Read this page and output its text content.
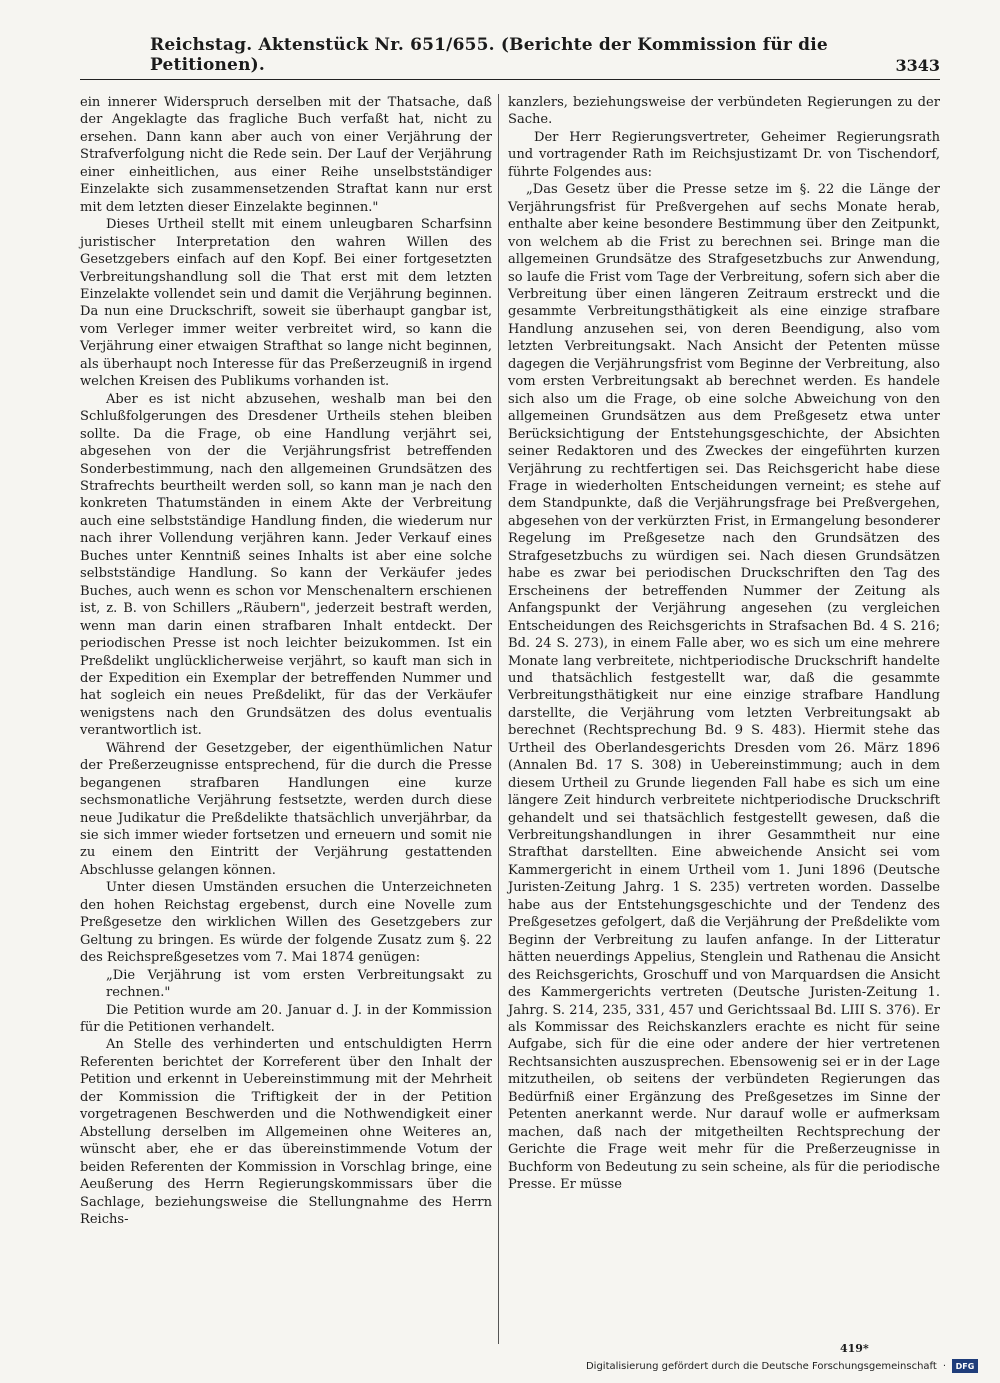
Reichstag. Aktenstück Nr. 651/655. (Berichte der Kommission für die Petitionen).	3343

ein innerer Widerspruch derselben mit der Thatsache, daß der Angeklagte das fragliche Buch verfaßt hat, nicht zu ersehen. Dann kann aber auch von einer Verjährung der Strafverfolgung nicht die Rede sein. Der Lauf der Verjährung einer einheitlichen, aus einer Reihe unselbstständiger Einzelakte sich zusammensetzenden Straftat kann nur erst mit dem letzten dieser Einzelakte beginnen."

Dieses Urtheil stellt mit einem unleugbaren Scharfsinn juristischer Interpretation den wahren Willen des Gesetzgebers einfach auf den Kopf. Bei einer fortgesetzten Verbreitungshandlung soll die That erst mit dem letzten Einzelakte vollendet sein und damit die Verjährung beginnen. Da nun eine Druckschrift, soweit sie überhaupt gangbar ist, vom Verleger immer weiter verbreitet wird, so kann die Verjährung einer etwaigen Strafthat so lange nicht beginnen, als überhaupt noch Interesse für das Preßerzeugniß in irgend welchen Kreisen des Publikums vorhanden ist.

Aber es ist nicht abzusehen, weshalb man bei den Schlußfolgerungen des Dresdener Urtheils stehen bleiben sollte. Da die Frage, ob eine Handlung verjährt sei, abgesehen von der die Verjährungsfrist betreffenden Sonderbestimmung, nach den allgemeinen Grundsätzen des Strafrechts beurtheilt werden soll, so kann man je nach den konkreten Thatumständen in einem Akte der Verbreitung auch eine selbstständige Handlung finden, die wiederum nur nach ihrer Vollendung verjähren kann. Jeder Verkauf eines Buches unter Kenntniß seines Inhalts ist aber eine solche selbstständige Handlung. So kann der Verkäufer jedes Buches, auch wenn es schon vor Menschenaltern erschienen ist, z. B. von Schillers „Räubern", jederzeit bestraft werden, wenn man darin einen strafbaren Inhalt entdeckt. Der periodischen Presse ist noch leichter beizukommen. Ist ein Preßdelikt unglücklicherweise verjährt, so kauft man sich in der Expedition ein Exemplar der betreffenden Nummer und hat sogleich ein neues Preßdelikt, für das der Verkäufer wenigstens nach den Grundsätzen des dolus eventualis verantwortlich ist.

Während der Gesetzgeber, der eigenthümlichen Natur der Preßerzeugnisse entsprechend, für die durch die Presse begangenen strafbaren Handlungen eine kurze sechsmonatliche Verjährung festsetzte, werden durch diese neue Judikatur die Preßdelikte thatsächlich unverjährbar, da sie sich immer wieder fortsetzen und erneuern und somit nie zu einem den Eintritt der Verjährung gestattenden Abschlusse gelangen können.

Unter diesen Umständen ersuchen die Unterzeichneten den hohen Reichstag ergebenst, durch eine Novelle zum Preßgesetze den wirklichen Willen des Gesetzgebers zur Geltung zu bringen. Es würde der folgende Zusatz zum §. 22 des Reichspreßgesetzes vom 7. Mai 1874 genügen:

„Die Verjährung ist vom ersten Verbreitungsakt zu rechnen."

Die Petition wurde am 20. Januar d. J. in der Kommission für die Petitionen verhandelt.

An Stelle des verhinderten und entschuldigten Herrn Referenten berichtet der Korreferent über den Inhalt der Petition und erkennt in Uebereinstimmung mit der Mehrheit der Kommission die Triftigkeit der in der Petition vorgetragenen Beschwerden und die Nothwendigkeit einer Abstellung derselben im Allgemeinen ohne Weiteres an, wünscht aber, ehe er das übereinstimmende Votum der beiden Referenten der Kommission in Vorschlag bringe, eine Aeußerung des Herrn Regierungskommissars über die Sachlage, beziehungsweise die Stellungnahme des Herrn Reichs-

kanzlers, beziehungsweise der verbündeten Regierungen zu der Sache.

Der Herr Regierungsvertreter, Geheimer Regierungsrath und vortragender Rath im Reichsjustizamt Dr. von Tischendorf, führte Folgendes aus:

„Das Gesetz über die Presse setze im §. 22 die Länge der Verjährungsfrist für Preßvergehen auf sechs Monate herab, enthalte aber keine besondere Bestimmung über den Zeitpunkt, von welchem ab die Frist zu berechnen sei. Bringe man die allgemeinen Grundsätze des Strafgesetzbuchs zur Anwendung, so laufe die Frist vom Tage der Verbreitung, sofern sich aber die Verbreitung über einen längeren Zeitraum erstreckt und die gesammte Verbreitungsthätigkeit als eine einzige strafbare Handlung anzusehen sei, von deren Beendigung, also vom letzten Verbreitungsakt. Nach Ansicht der Petenten müsse dagegen die Verjährungsfrist vom Beginne der Verbreitung, also vom ersten Verbreitungsakt ab berechnet werden. Es handele sich also um die Frage, ob eine solche Abweichung von den allgemeinen Grundsätzen aus dem Preßgesetz etwa unter Berücksichtigung der Entstehungsgeschichte, der Absichten seiner Redaktoren und des Zweckes der eingeführten kurzen Verjährung zu rechtfertigen sei. Das Reichsgericht habe diese Frage in wiederholten Entscheidungen verneint; es stehe auf dem Standpunkte, daß die Verjährungsfrage bei Preßvergehen, abgesehen von der verkürzten Frist, in Ermangelung besonderer Regelung im Preßgesetze nach den Grundsätzen des Strafgesetzbuchs zu würdigen sei. Nach diesen Grundsätzen habe es zwar bei periodischen Druckschriften den Tag des Erscheinens der betreffenden Nummer der Zeitung als Anfangspunkt der Verjährung angesehen (zu vergleichen Entscheidungen des Reichsgerichts in Strafsachen Bd. 4 S. 216; Bd. 24 S. 273), in einem Falle aber, wo es sich um eine mehrere Monate lang verbreitete, nichtperiodische Druckschrift handelte und thatsächlich festgestellt war, daß die gesammte Verbreitungsthätigkeit nur eine einzige strafbare Handlung darstellte, die Verjährung vom letzten Verbreitungsakt ab berechnet (Rechtsprechung Bd. 9 S. 483). Hiermit stehe das Urtheil des Oberlandesgerichts Dresden vom 26. März 1896 (Annalen Bd. 17 S. 308) in Uebereinstimmung; auch in dem diesem Urtheil zu Grunde liegenden Fall habe es sich um eine längere Zeit hindurch verbreitete nichtperiodische Druckschrift gehandelt und sei thatsächlich festgestellt gewesen, daß die Verbreitungshandlungen in ihrer Gesammtheit nur eine Strafthat darstellten. Eine abweichende Ansicht sei vom Kammergericht in einem Urtheil vom 1. Juni 1896 (Deutsche Juristen-Zeitung Jahrg. 1 S. 235) vertreten worden. Dasselbe habe aus der Entstehungsgeschichte und der Tendenz des Preßgesetzes gefolgert, daß die Verjährung der Preßdelikte vom Beginn der Verbreitung zu laufen anfange. In der Litteratur hätten neuerdings Appelius, Stenglein und Rathenau die Ansicht des Reichsgerichts, Groschuff und von Marquardsen die Ansicht des Kammergerichts vertreten (Deutsche Juristen-Zeitung 1. Jahrg. S. 214, 235, 331, 457 und Gerichtssaal Bd. LIII S. 376). Er als Kommissar des Reichskanzlers erachte es nicht für seine Aufgabe, sich für die eine oder andere der hier vertretenen Rechtsansichten auszusprechen. Ebensowenig sei er in der Lage mitzutheilen, ob seitens der verbündeten Regierungen das Bedürfniß einer Ergänzung des Preßgesetzes im Sinne der Petenten anerkannt werde. Nur darauf wolle er aufmerksam machen, daß nach der mitgetheilten Rechtsprechung der Gerichte die Frage weit mehr für die Preßerzeugnisse in Buchform von Bedeutung zu sein scheine, als für die periodische Presse. Er müsse

419*
Digitalisierung gefördert durch die Deutsche Forschungsgemeinschaft ·	DFG
